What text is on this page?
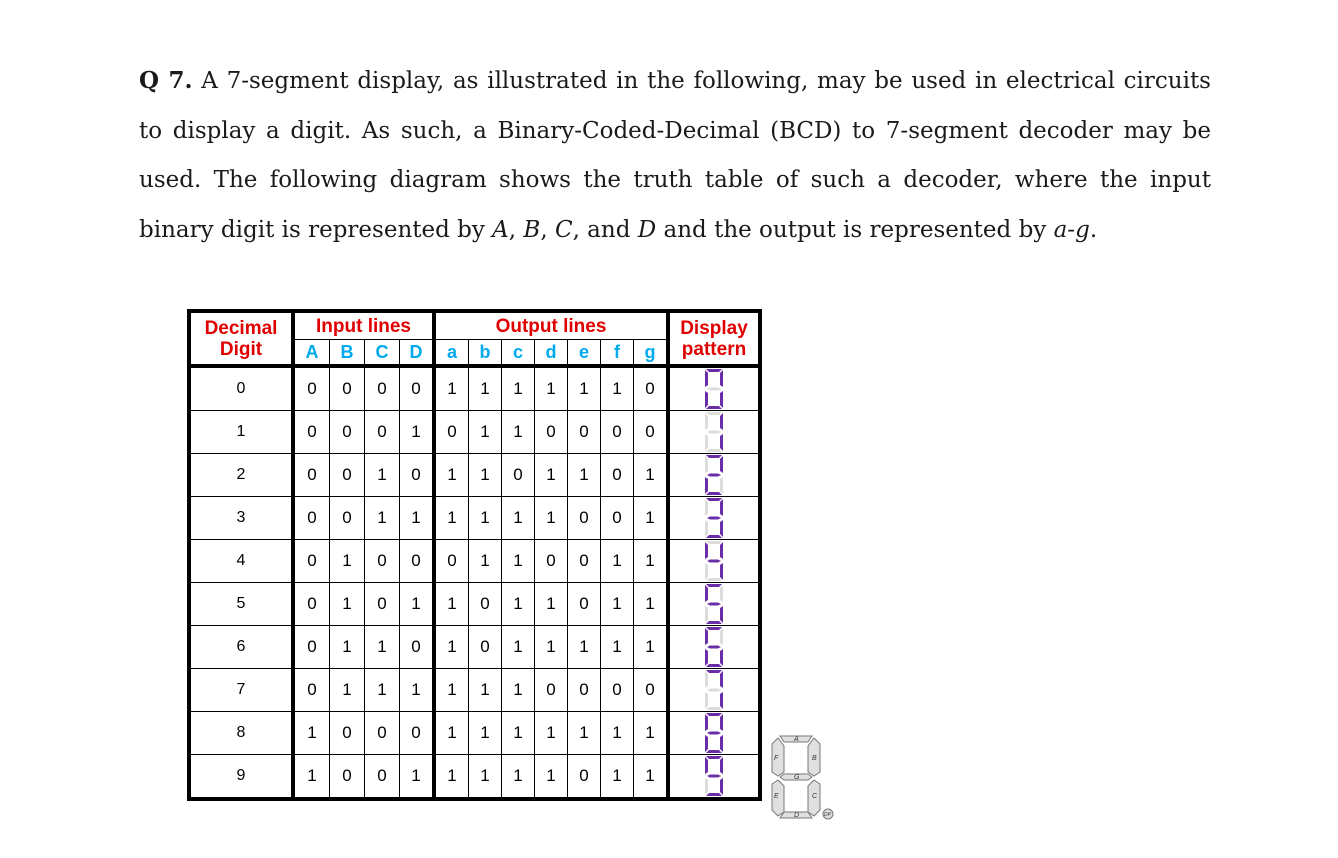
Q 7. A 7-segment display, as illustrated in the following, may be used in electrical circuits to display a digit. As such, a Binary-Coded-Decimal (BCD) to 7-segment decoder may be used. The following diagram shows the truth table of such a decoder, where the input binary digit is represented by A, B, C, and D and the output is represented by a-g.
Decimal Digit	Input lines				Output lines							Display pattern
	A	B	C	D	a	b	c	d	e	f	g	
0	0	0	0	0	1	1	1	1	1	1	0	

1	0	0	0	1	0	1	1	0	0	0	0	

2	0	0	1	0	1	1	0	1	1	0	1	

3	0	0	1	1	1	1	1	1	0	0	1	

4	0	1	0	0	0	1	1	0	0	1	1	

5	0	1	0	1	1	0	1	1	0	1	1	

6	0	1	1	0	1	0	1	1	1	1	1	

7	0	1	1	1	1	1	1	0	0	0	0	

8	1	0	0	0	1	1	1	1	1	1	1	

9	1	0	0	1	1	1	1	1	0	1	1	
A
B
C
D
E
F
G
DP
